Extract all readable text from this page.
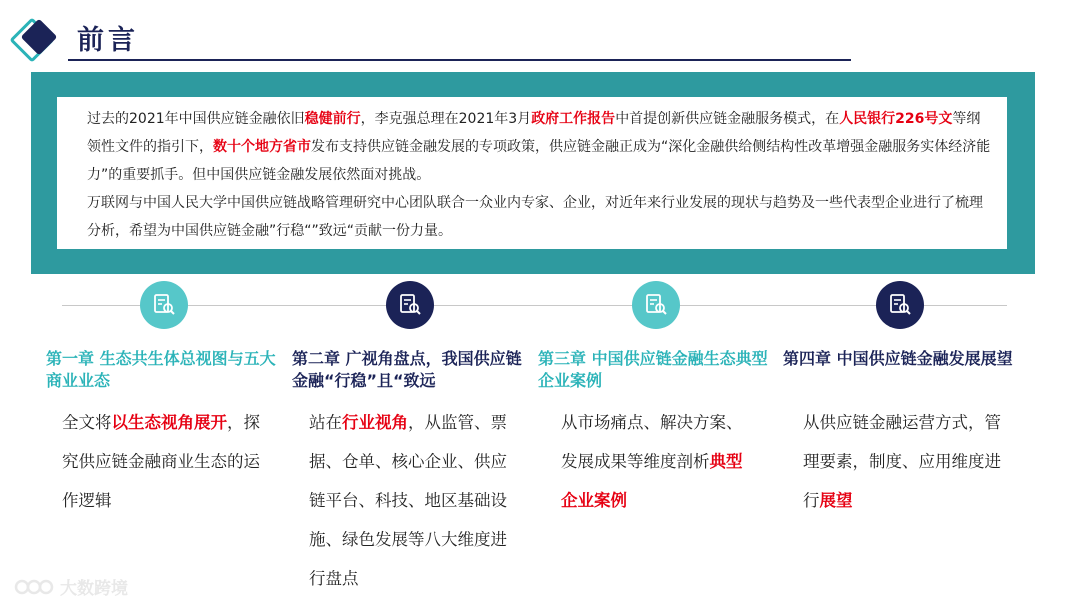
前言

过去的2021年中国供应链金融依旧稳健前行，李克强总理在2021年3月政府工作报告中首提创新供应链金融服务模式，在人民银行226号文等纲领性文件的指引下，数十个地方省市发布支持供应链金融发展的专项政策，供应链金融正成为“深化金融供给侧结构性改革增强金融服务实体经济能力”的重要抓手。但中国供应链金融发展依然面对挑战。

万联网与中国人民大学中国供应链战略管理研究中心团队联合一众业内专家、企业，对近年来行业发展的现状与趋势及一些代表型企业进行了梳理分析，希望为中国供应链金融”行稳“”致远“贡献一份力量。

第一章 生态共生体总视图与五大商业业态
第二章 广视角盘点，我国供应链金融“行稳”且“致远
第三章 中国供应链金融生态典型企业案例
第四章 中国供应链金融发展展望
全文将以生态视角展开，探究供应链金融商业生态的运作逻辑
站在行业视角，从监管、票据、仓单、核心企业、供应链平台、科技、地区基础设施、绿色发展等八大维度进行盘点
从市场痛点、解决方案、发展成果等维度剖析典型企业案例
从供应链金融运营方式，管理要素，制度、应用维度进行展望
大数跨境
